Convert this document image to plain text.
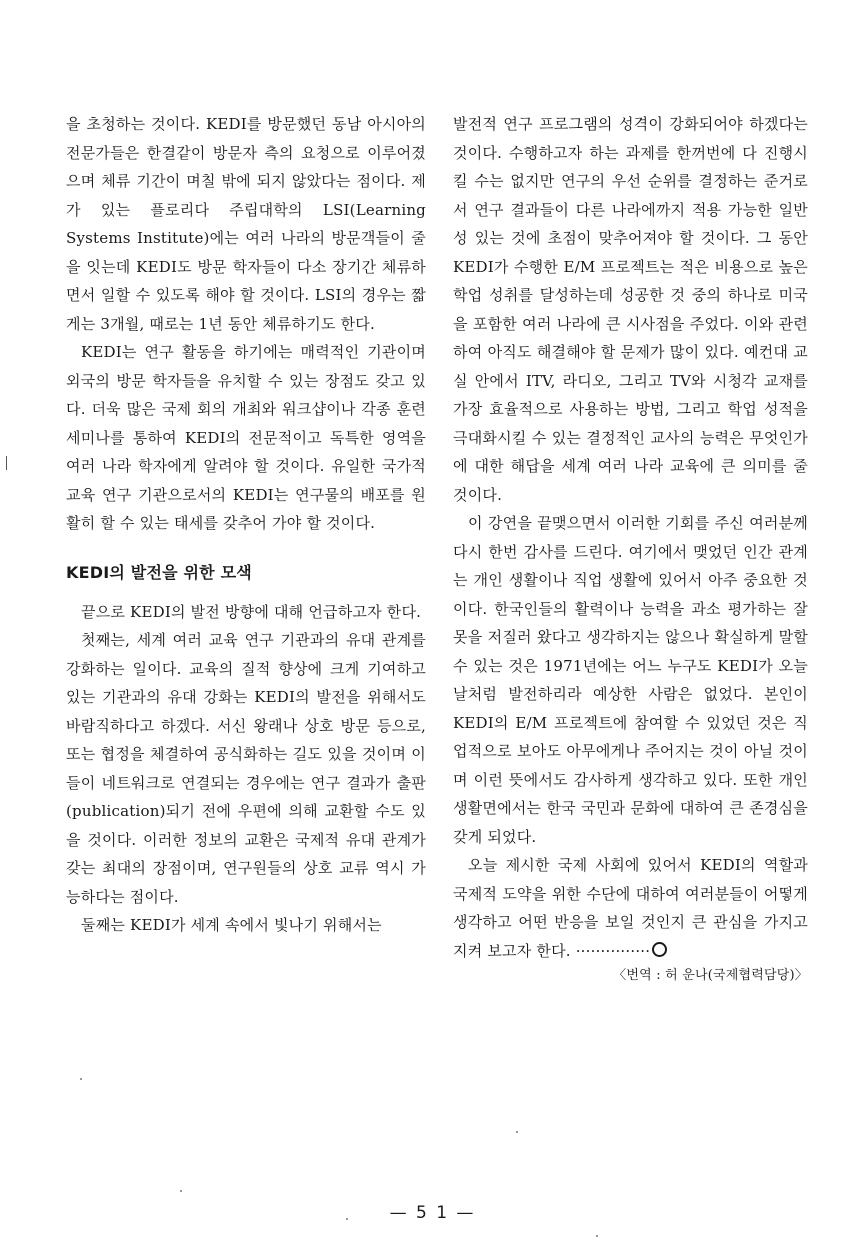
을 초청하는 것이다. KEDI를 방문했던 동남 아시아의 전문가들은 한결같이 방문자 측의 요청으로 이루어졌으며 체류 기간이 며칠 밖에 되지 않았다는 점이다. 제가 있는 플로리다 주립대학의 LSI(Learning Systems Institute)에는 여러 나라의 방문객들이 줄을 잇는데 KEDI도 방문 학자들이 다소 장기간 체류하면서 일할 수 있도록 해야 할 것이다. LSI의 경우는 짧게는 3개월, 때로는 1년 동안 체류하기도 한다.

KEDI는 연구 활동을 하기에는 매력적인 기관이며 외국의 방문 학자들을 유치할 수 있는 장점도 갖고 있다. 더욱 많은 국제 회의 개최와 워크샵이나 각종 훈련 세미나를 통하여 KEDI의 전문적이고 독특한 영역을 여러 나라 학자에게 알려야 할 것이다. 유일한 국가적 교육 연구 기관으로서의 KEDI는 연구물의 배포를 원활히 할 수 있는 태세를 갖추어 가야 할 것이다.

KEDI의 발전을 위한 모색

끝으로 KEDI의 발전 방향에 대해 언급하고자 한다.

첫째는, 세계 여러 교육 연구 기관과의 유대 관계를 강화하는 일이다. 교육의 질적 향상에 크게 기여하고 있는 기관과의 유대 강화는 KEDI의 발전을 위해서도 바람직하다고 하겠다. 서신 왕래나 상호 방문 등으로, 또는 협정을 체결하여 공식화하는 길도 있을 것이며 이들이 네트워크로 연결되는 경우에는 연구 결과가 출판(publication)되기 전에 우편에 의해 교환할 수도 있을 것이다. 이러한 정보의 교환은 국제적 유대 관계가 갖는 최대의 장점이며, 연구원들의 상호 교류 역시 가능하다는 점이다.

둘째는 KEDI가 세계 속에서 빛나기 위해서는

발전적 연구 프로그램의 성격이 강화되어야 하겠다는 것이다. 수행하고자 하는 과제를 한꺼번에 다 진행시킬 수는 없지만 연구의 우선 순위를 결정하는 준거로서 연구 결과들이 다른 나라에까지 적용 가능한 일반성 있는 것에 초점이 맞추어져야 할 것이다. 그 동안 KEDI가 수행한 E/M 프로젝트는 적은 비용으로 높은 학업 성취를 달성하는데 성공한 것 중의 하나로 미국을 포함한 여러 나라에 큰 시사점을 주었다. 이와 관련하여 아직도 해결해야 할 문제가 많이 있다. 예컨대 교실 안에서 ITV, 라디오, 그리고 TV와 시청각 교재를 가장 효율적으로 사용하는 방법, 그리고 학업 성적을 극대화시킬 수 있는 결정적인 교사의 능력은 무엇인가에 대한 해답을 세계 여러 나라 교육에 큰 의미를 줄 것이다.

이 강연을 끝맺으면서 이러한 기회를 주신 여러분께 다시 한번 감사를 드린다. 여기에서 맺었던 인간 관계는 개인 생활이나 직업 생활에 있어서 아주 중요한 것이다. 한국인들의 활력이나 능력을 과소 평가하는 잘못을 저질러 왔다고 생각하지는 않으나 확실하게 말할 수 있는 것은 1971년에는 어느 누구도 KEDI가 오늘날처럼 발전하리라 예상한 사람은 없었다. 본인이 KEDI의 E/M 프로젝트에 참여할 수 있었던 것은 직업적으로 보아도 아무에게나 주어지는 것이 아닐 것이며 이런 뜻에서도 감사하게 생각하고 있다. 또한 개인 생활면에서는 한국 국민과 문화에 대하여 큰 존경심을 갖게 되었다.

오늘 제시한 국제 사회에 있어서 KEDI의 역할과 국제적 도약을 위한 수단에 대하여 여러분들이 어떻게 생각하고 어떤 반응을 보일 것인지 큰 관심을 가지고 지켜 보고자 한다. ···············

〈번역 : 허 운나(국제협력담당)〉

— 5 1 —
